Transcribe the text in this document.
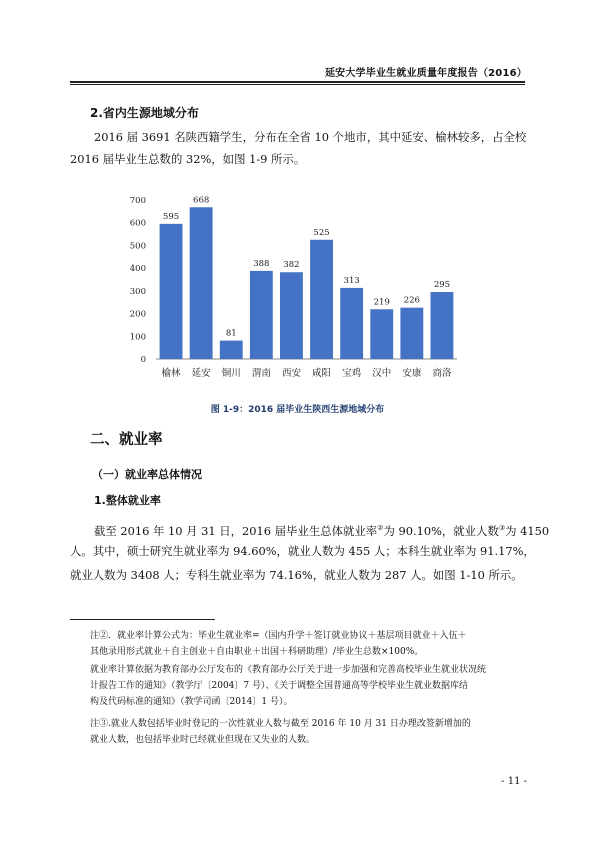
延安大学毕业生就业质量年度报告（2016）
2.省内生源地域分布
2016 届 3691 名陕西籍学生，分布在全省 10 个地市，其中延安、榆林较多，占全校
2016 届毕业生总数的 32%，如图 1-9 所示。
0
100
200
300
400
500
600
700
595
榆林
668
延安
81
铜川
388
渭南
382
西安
525
咸阳
313
宝鸡
219
汉中
226
安康
295
商洛
图 1-9：2016 届毕业生陕西生源地域分布
二、就业率
（一）就业率总体情况
1.整体就业率
截至 2016 年 10 月 31 日，2016 届毕业生总体就业率②为 90.10%，就业人数③为 4150
人。其中，硕士研究生就业率为 94.60%，就业人数为 455 人；本科生就业率为 91.17%，
就业人数为 3408 人；专科生就业率为 74.16%，就业人数为 287 人。如图 1-10 所示。
注②．就业率计算公式为：毕业生就业率=（国内升学＋签订就业协议＋基层项目就业＋入伍＋
其他录用形式就业＋自主创业＋自由职业＋出国＋科研助理）/毕业生总数×100%。
就业率计算依据为教育部办公厅发布的《教育部办公厅关于进一步加强和完善高校毕业生就业状况统
计报告工作的通知》（教学厅〔2004〕7 号）、《关于调整全国普通高等学校毕业生就业数据库结
构及代码标准的通知》（教学司函〔2014〕1 号）。
注③.就业人数包括毕业时登记的一次性就业人数与截至 2016 年 10 月 31 日办理改签新增加的
就业人数，也包括毕业时已经就业但现在又失业的人数。
- 11 -
